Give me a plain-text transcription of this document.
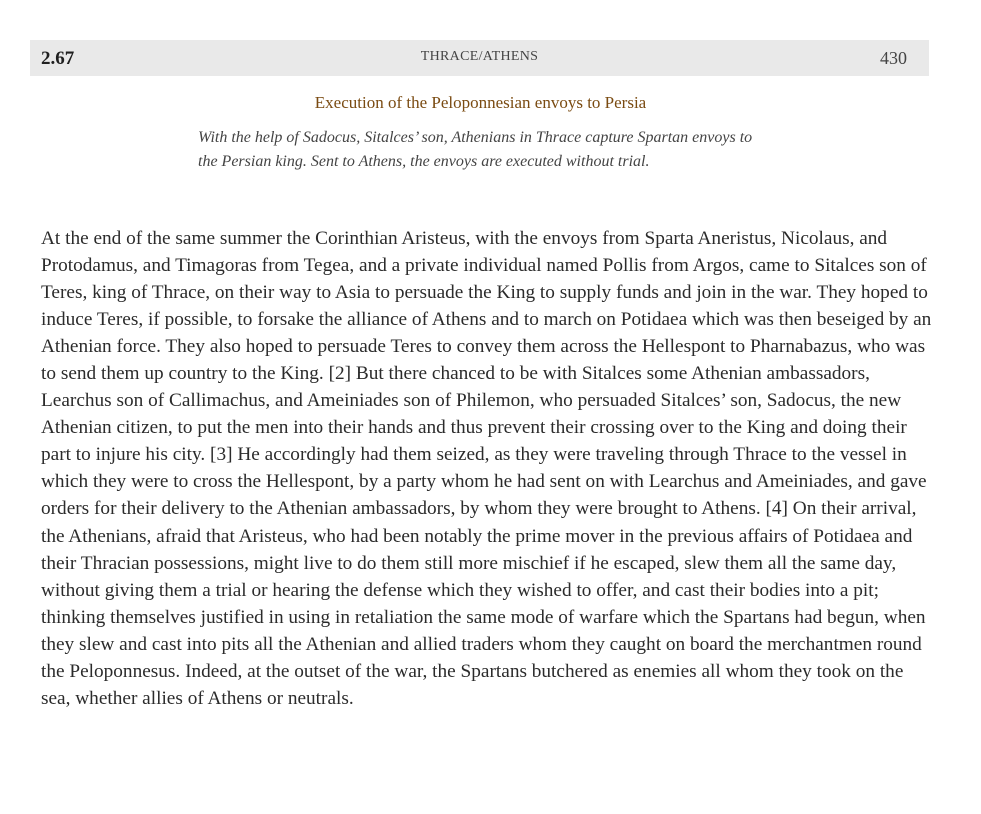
2.67	THRACE/ATHENS	430
Execution of the Peloponnesian envoys to Persia

With the help of Sadocus, Sitalces’ son, Athenians in Thrace capture Spartan envoys to the Persian king. Sent to Athens, the envoys are executed without trial.

At the end of the same summer the Corinthian Aristeus, with the envoys from Sparta Aneristus, Nicolaus, and Protodamus, and Timagoras from Tegea, and a private individual named Pollis from Argos, came to Sitalces son of Teres, king of Thrace, on their way to Asia to persuade the King to supply funds and join in the war. They hoped to induce Teres, if possible, to forsake the alliance of Athens and to march on Potidaea which was then beseiged by an Athenian force. They also hoped to persuade Teres to convey them across the Hellespont to Pharnabazus, who was to send them up country to the King. [2] But there chanced to be with Sitalces some Athenian ambassadors, Learchus son of Callimachus, and Ameiniades son of Philemon, who persuaded Sitalces’ son, Sadocus, the new Athenian citizen, to put the men into their hands and thus prevent their crossing over to the King and doing their part to injure his city. [3] He accordingly had them seized, as they were traveling through Thrace to the vessel in which they were to cross the Hellespont, by a party whom he had sent on with Learchus and Ameiniades, and gave orders for their delivery to the Athenian ambassadors, by whom they were brought to Athens. [4] On their arrival, the Athenians, afraid that Aristeus, who had been notably the prime mover in the previous affairs of Potidaea and their Thracian possessions, might live to do them still more mischief if he escaped, slew them all the same day, without giving them a trial or hearing the defense which they wished to offer, and cast their bodies into a pit; thinking themselves justified in using in retaliation the same mode of warfare which the Spartans had begun, when they slew and cast into pits all the Athenian and allied traders whom they caught on board the merchantmen round the Peloponnesus. Indeed, at the outset of the war, the Spartans butchered as enemies all whom they took on the sea, whether allies of Athens or neutrals.
